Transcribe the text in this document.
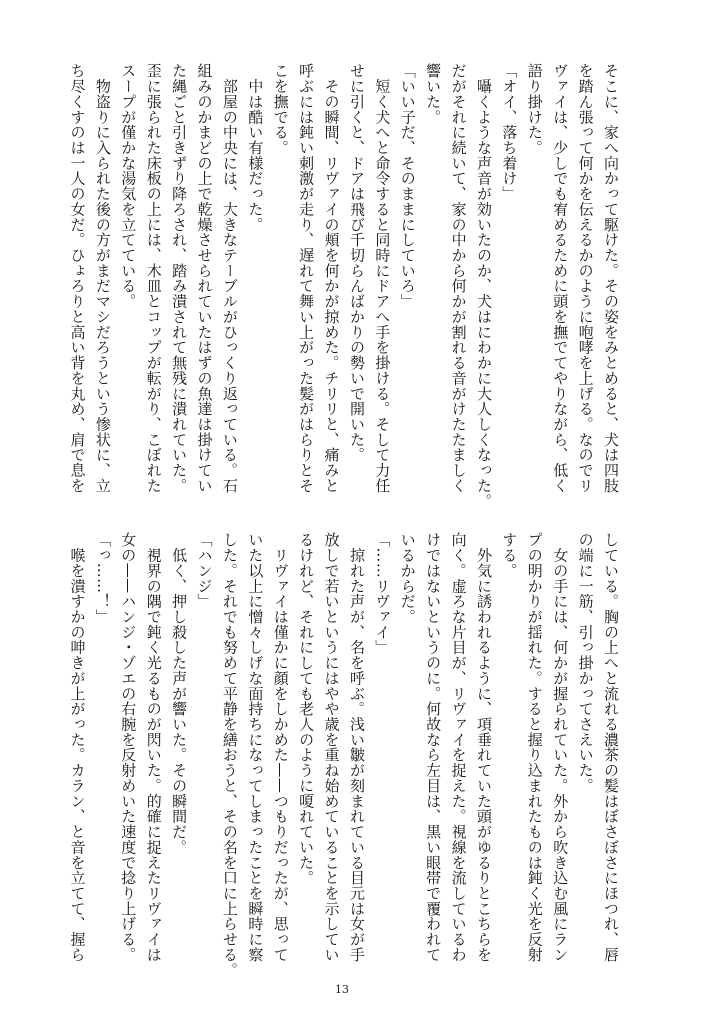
そこに、家へ向かって駆けた。その姿をみとめると、犬は四肢
を踏ん張って何かを伝えるかのように咆哮を上げる。なのでリ
ヴァイは、少しでも宥めるために頭を撫でてやりながら、低く
語り掛けた。
「オイ、落ち着け」
　囁くような声音が効いたのか、犬はにわかに大人しくなった。
だがそれに続いて、家の中から何かが割れる音がけたたましく
響いた。
「いい子だ、そのままにしていろ」
　短く犬へと命令すると同時にドアへ手を掛ける。そして力任
せに引くと、ドアは飛び千切らんばかりの勢いで開いた。
　その瞬間、リヴァイの頬を何かが掠めた。チリリと、痛みと
呼ぶには鈍い刺激が走り、遅れて舞い上がった髪がはらりとそ
こを撫でる。
　中は酷い有様だった。
　部屋の中央には、大きなテーブルがひっくり返っている。石
組みのかまどの上で乾燥させられていたはずの魚達は掛けてい
た縄ごと引きずり降ろされ、踏み潰されて無残に潰れていた。
歪に張られた床板の上には、木皿とコップが転がり、こぼれた
スープが僅かな湯気を立てている。
　物盗りに入られた後の方がまだマシだろうという惨状に、立
ち尽くすのは一人の女だ。ひょろりと高い背を丸め、肩で息を
している。胸の上へと流れる濃茶の髪はぼさぼさにほつれ、唇
の端に一筋、引っ掛かってさえいた。
　女の手には、何かが握られていた。外から吹き込む風にラン
プの明かりが揺れた。すると握り込まれたものは鈍く光を反射
する。
　外気に誘われるように、項垂れていた頭がゆるりとこちらを
向く。虚ろな片目が、リヴァイを捉えた。視線を流しているわ
けではないというのに。何故なら左目は、黒い眼帯で覆われて
いるからだ。
「……リヴァイ」
　掠れた声が、名を呼ぶ。浅い皺が刻まれている目元は女が手
放しで若いというにはやや歳を重ね始めていることを示してい
るけれど、それにしても老人のように嗄れていた。
　リヴァイは僅かに顔をしかめた——つもりだったが、思って
いた以上に憎々しげな面持ちになってしまったことを瞬時に察
した。それでも努めて平静を繕おうと、その名を口に上らせる。
「ハンジ」
　低く、押し殺した声が響いた。その瞬間だ。
　視界の隅で鈍く光るものが閃いた。的確に捉えたリヴァイは
女の——ハンジ・ゾエの右腕を反射めいた速度で捻り上げる。
「っ……！」
　喉を潰すかの呻きが上がった。カラン、と音を立てて、握ら
13
